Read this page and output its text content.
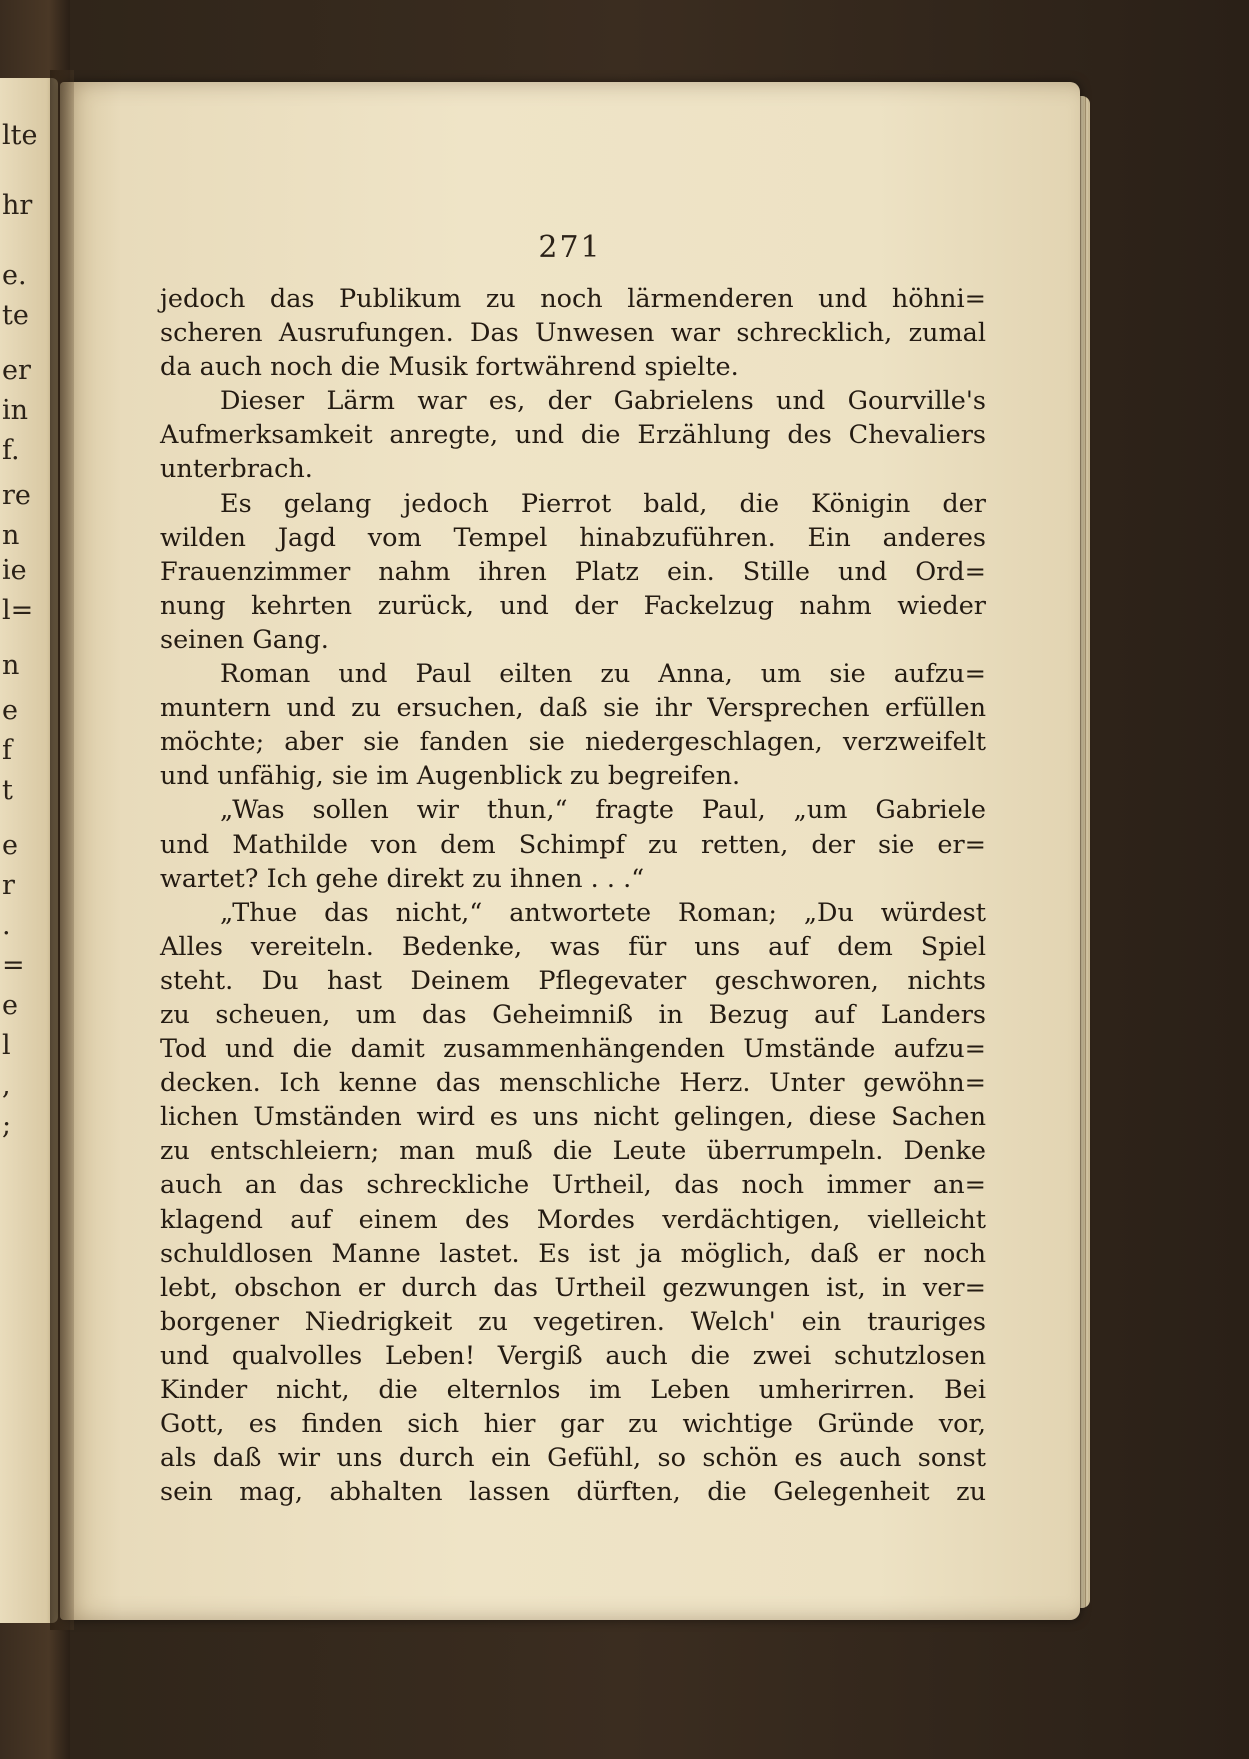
lte
hr
e.
te
er
in
f.
re
n
ie
l=
n
e
f
t
e
r
.
=
e
l
,
;
271

jedoch das Publikum zu noch lärmenderen und höhni=

scheren Ausrufungen. Das Unwesen war schrecklich, zumal

da auch noch die Musik fortwährend spielte.

Dieser Lärm war es, der Gabrielens und Gourville's

Aufmerksamkeit anregte, und die Erzählung des Chevaliers

unterbrach.

Es gelang jedoch Pierrot bald, die Königin der

wilden Jagd vom Tempel hinabzuführen. Ein anderes

Frauenzimmer nahm ihren Platz ein. Stille und Ord=

nung kehrten zurück, und der Fackelzug nahm wieder

seinen Gang.

Roman und Paul eilten zu Anna, um sie aufzu=

muntern und zu ersuchen, daß sie ihr Versprechen erfüllen

möchte; aber sie fanden sie niedergeschlagen, verzweifelt

und unfähig, sie im Augenblick zu begreifen.

„Was sollen wir thun,“ fragte Paul, „um Gabriele

und Mathilde von dem Schimpf zu retten, der sie er=

wartet? Ich gehe direkt zu ihnen . . .“

„Thue das nicht,“ antwortete Roman; „Du würdest

Alles vereiteln. Bedenke, was für uns auf dem Spiel

steht. Du hast Deinem Pflegevater geschworen, nichts

zu scheuen, um das Geheimniß in Bezug auf Landers

Tod und die damit zusammenhängenden Umstände aufzu=

decken. Ich kenne das menschliche Herz. Unter gewöhn=

lichen Umständen wird es uns nicht gelingen, diese Sachen

zu entschleiern; man muß die Leute überrumpeln. Denke

auch an das schreckliche Urtheil, das noch immer an=

klagend auf einem des Mordes verdächtigen, vielleicht

schuldlosen Manne lastet. Es ist ja möglich, daß er noch

lebt, obschon er durch das Urtheil gezwungen ist, in ver=

borgener Niedrigkeit zu vegetiren. Welch' ein trauriges

und qualvolles Leben! Vergiß auch die zwei schutzlosen

Kinder nicht, die elternlos im Leben umherirren. Bei

Gott, es finden sich hier gar zu wichtige Gründe vor,

als daß wir uns durch ein Gefühl, so schön es auch sonst

sein mag, abhalten lassen dürften, die Gelegenheit zu
